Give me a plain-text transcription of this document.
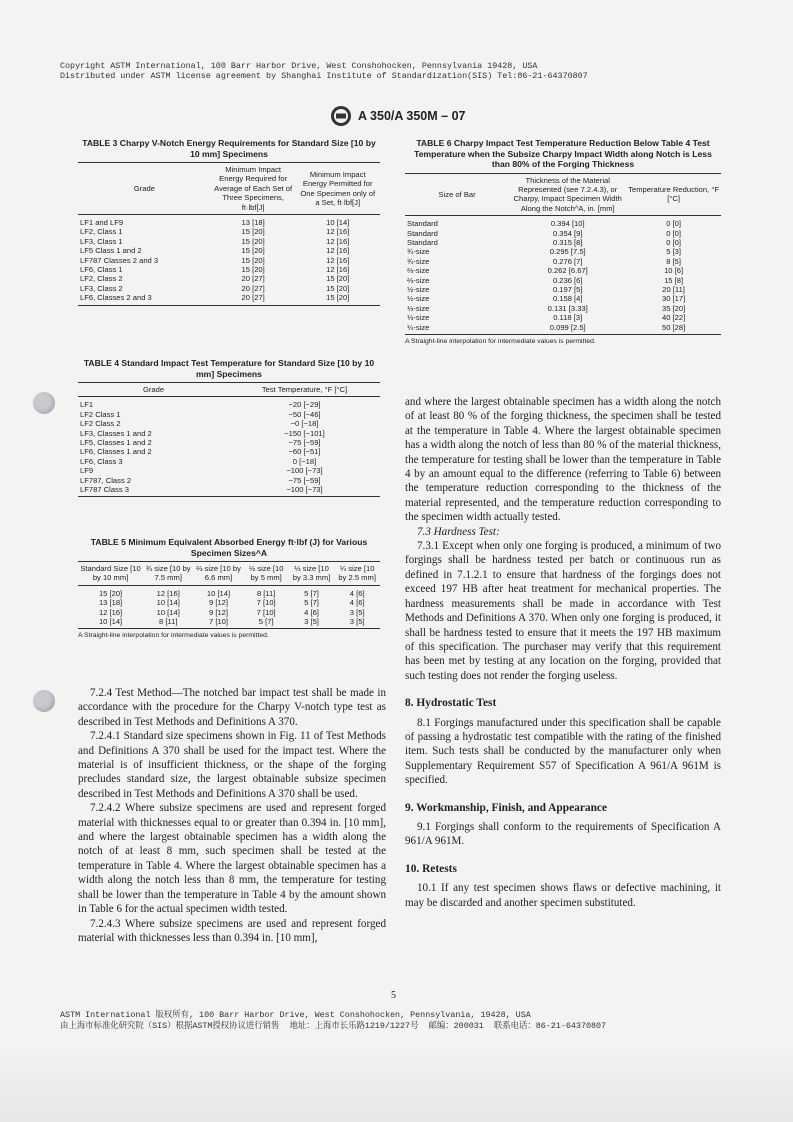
Copyright ASTM International, 100 Barr Harbor Drive, West Conshohocken, Pennsylvania 19428, USA
Distributed under ASTM license agreement by Shanghai Institute of Standardization(SIS) Tel:86-21-64370807
A 350/A 350M – 07
TABLE 3 Charpy V-Notch Energy Requirements for Standard Size [10 by 10 mm] Specimens
Grade	Minimum Impact Energy Required for Average of Each Set of Three Specimens, ft·lbf[J]	Minimum Impact Energy Permitted for One Specimen only of a Set, ft·lbf[J]
LF1 and LF9	13 [18]	10 [14]
LF2, Class 1	15 [20]	12 [16]
LF3, Class 1	15 [20]	12 [16]
LF5 Class 1 and 2	15 [20]	12 [16]
LF787 Classes 2 and 3	15 [20]	12 [16]
LF6, Class 1	15 [20]	12 [16]
LF2, Class 2	20 [27]	15 [20]
LF3, Class 2	20 [27]	15 [20]
LF6, Classes 2 and 3	20 [27]	15 [20]
TABLE 4 Standard Impact Test Temperature for Standard Size [10 by 10 mm] Specimens
Grade	Test Temperature, °F [°C]
LF1	−20 [−29]
LF2 Class 1	−50 [−46]
LF2 Class 2	−0 [−18]
LF3, Classes 1 and 2	−150 [−101]
LF5, Classes 1 and 2	−75 [−59]
LF6, Classes 1 and 2	−60 [−51]
LF6, Class 3	0 [−18]
LF9	−100 [−73]
LF787, Class 2	−75 [−59]
LF787 Class 3	−100 [−73]
TABLE 5 Minimum Equivalent Absorbed Energy ft·lbf (J) for Various Specimen Sizes^A
Standard Size [10 by 10 mm]	¾ size [10 by 7.5 mm]	⅔ size [10 by 6.6 mm]	½ size [10 by 5 mm]	⅓ size [10 by 3.3 mm]	¼ size [10 by 2.5 mm]
15 [20]	12 [16]	10 [14]	8 [11]	5 [7]	4 [6]
13 [18]	10 [14]	9 [12]	7 [10]	5 [7]	4 [6]
12 [16]	10 [14]	9 [12]	7 [10]	4 [6]	3 [5]
10 [14]	8 [11]	7 [10]	5 [7]	3 [5]	3 [5]
A Straight-line interpolation for intermediate values is permitted.

7.2.4 Test Method—The notched bar impact test shall be made in accordance with the procedure for the Charpy V-notch type test as described in Test Methods and Definitions A 370.

7.2.4.1 Standard size specimens shown in Fig. 11 of Test Methods and Definitions A 370 shall be used for the impact test. Where the material is of insufficient thickness, or the shape of the forging precludes standard size, the largest obtainable subsize specimen described in Test Methods and Definitions A 370 shall be used.

7.2.4.2 Where subsize specimens are used and represent forged material with thicknesses equal to or greater than 0.394 in. [10 mm], and where the largest obtainable specimen has a width along the notch of at least 8 mm, such specimen shall be tested at the temperature in Table 4. Where the largest obtainable specimen has a width along the notch less than 8 mm, the temperature for testing shall be lower than the temperature in Table 4 by the amount shown in Table 6 for the actual specimen width tested.

7.2.4.3 Where subsize specimens are used and represent forged material with thicknesses less than 0.394 in. [10 mm],

TABLE 6 Charpy Impact Test Temperature Reduction Below Table 4 Test Temperature when the Subsize Charpy Impact Width along Notch is Less than 80% of the Forging Thickness
Size of Bar	Thickness of the Material Represented (see 7.2.4.3), or Charpy, Impact Specimen Width Along the Notch^A, in. [mm]	Temperature Reduction, °F [°C]
Standard	0.394 [10]	0 [0]
Standard	0.354 [9]	0 [0]
Standard	0.315 [8]	0 [0]
¾-size	0.295 [7.5]	5 [3]
¾-size	0.276 [7]	8 [5]
⅔-size	0.262 [6.67]	10 [6]
⅔-size	0.236 [6]	15 [8]
½-size	0.197 [5]	20 [11]
½-size	0.158 [4]	30 [17]
⅓-size	0.131 [3.33]	35 [20]
⅓-size	0.118 [3]	40 [22]
¼-size	0.099 [2.5]	50 [28]
A Straight-line interpolation for intermediate values is permitted.

and where the largest obtainable specimen has a width along the notch of at least 80 % of the forging thickness, the specimen shall be tested at the temperature in Table 4. Where the largest obtainable specimen has a width along the notch of less than 80 % of the material thickness, the temperature for testing shall be lower than the temperature in Table 4 by an amount equal to the difference (referring to Table 6) between the temperature reduction corresponding to the thickness of the material represented, and the temperature reduction corresponding to the specimen width actually tested.

7.3 Hardness Test:

7.3.1 Except when only one forging is produced, a minimum of two forgings shall be hardness tested per batch or continuous run as defined in 7.1.2.1 to ensure that hardness of the forgings does not exceed 197 HB after heat treatment for mechanical properties. The hardness measurements shall be made in accordance with Test Methods and Definitions A 370. When only one forging is produced, it shall be hardness tested to ensure that it meets the 197 HB maximum of this specification. The purchaser may verify that this requirement has been met by testing at any location on the forging, provided that such testing does not render the forging useless.

8. Hydrostatic Test

8.1 Forgings manufactured under this specification shall be capable of passing a hydrostatic test compatible with the rating of the finished item. Such tests shall be conducted by the manufacturer only when Supplementary Requirement S57 of Specification A 961/A 961M is specified.

9. Workmanship, Finish, and Appearance

9.1 Forgings shall conform to the requirements of Specification A 961/A 961M.

10. Retests

10.1 If any test specimen shows flaws or defective machining, it may be discarded and another specimen substituted.

5
ASTM International 版权所有, 100 Barr Harbor Drive, West Conshohocken, Pennsylvania, 19428, USA
由上海市标准化研究院（SIS）根据ASTM授权协议进行销售  地址：上海市长乐路1219/1227号  邮编：200031  联系电话：86-21-64370807
